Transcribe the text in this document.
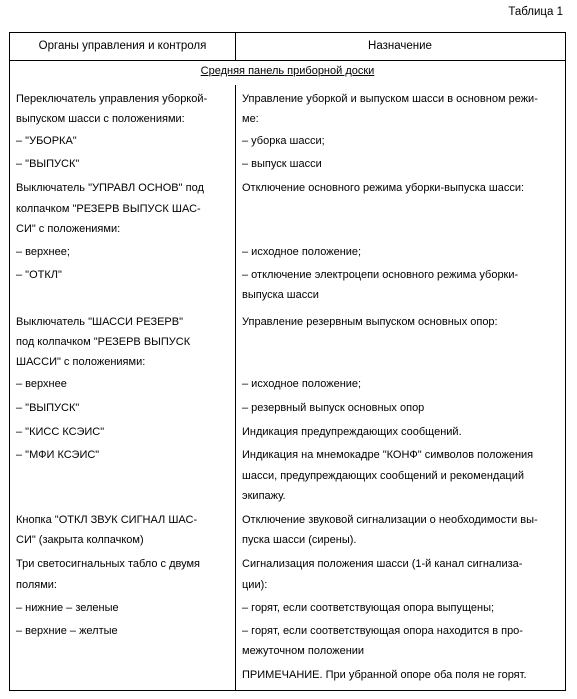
Таблица 1
Органы управления и контроля	Назначение
Средняя панель приборной доски
Переключатель управления уборкой-
выпуском шасси с положениями:
– "УБОРКА"
– "ВЫПУСК"
Выключатель "УПРАВЛ ОСНОВ" под
колпачком "РЕЗЕРВ ВЫПУСК ШАС-
СИ" с положениями:
– верхнее;
– "ОТКЛ"
Выключатель "ШАССИ РЕЗЕРВ"
под колпачком "РЕЗЕРВ ВЫПУСК
ШАССИ" с положениями:
– верхнее
– "ВЫПУСК"
– "КИСС КСЭИС"
– "МФИ КСЭИС"
Кнопка "ОТКЛ ЗВУК СИГНАЛ ШАС-
СИ" (закрыта колпачком)
Три светосигнальных табло с двумя
полями:
– нижние – зеленые
– верхние – желтые
Управление уборкой и выпуском шасси в основном режи-
ме:
– уборка шасси;
– выпуск шасси
Отключение основного режима уборки-выпуска шасси:
– исходное положение;
– отключение электроцепи основного режима уборки-
выпуска шасси
Управление резервным выпуском основных опор:
– исходное положение;
– резервный выпуск основных опор
Индикация предупреждающих сообщений.
Индикация на мнемокадре "КОНФ" символов положения
шасси, предупреждающих сообщений и рекомендаций
экипажу.
Отключение звуковой сигнализации о необходимости вы-
пуска шасси (сирены).
Сигнализация положения шасси (1-й канал сигнализа-
ции):
– горят, если соответствующая опора выпущены;
– горят, если соответствующая опора находится в про-
межуточном положении
ПРИМЕЧАНИЕ. При убранной опоре оба поля не горят.
